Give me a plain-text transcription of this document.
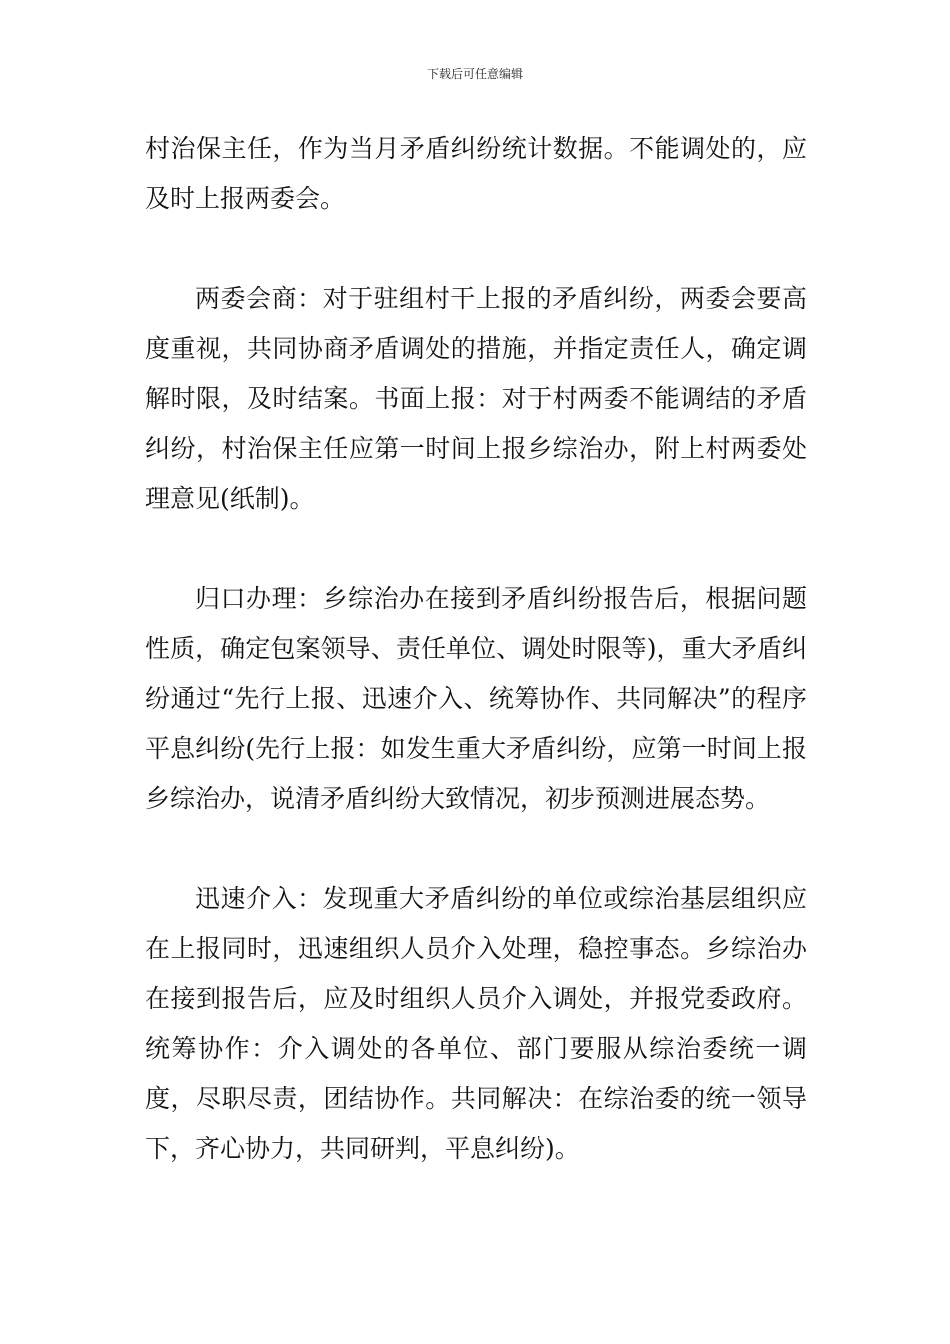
下载后可任意编辑

村治保主任，作为当月矛盾纠纷统计数据。不能调处的，应及时上报两委会。

两委会商：对于驻组村干上报的矛盾纠纷，两委会要高度重视，共同协商矛盾调处的措施，并指定责任人，确定调解时限，及时结案。书面上报：对于村两委不能调结的矛盾纠纷，村治保主任应第一时间上报乡综治办，附上村两委处理意见(纸制)。

归口办理：乡综治办在接到矛盾纠纷报告后，根据问题性质，确定包案领导、责任单位、调处时限等)，重大矛盾纠纷通过“先行上报、迅速介入、统筹协作、共同解决”的程序平息纠纷(先行上报：如发生重大矛盾纠纷，应第一时间上报乡综治办，说清矛盾纠纷大致情况，初步预测进展态势。

迅速介入：发现重大矛盾纠纷的单位或综治基层组织应在上报同时，迅速组织人员介入处理，稳控事态。乡综治办在接到报告后，应及时组织人员介入调处，并报党委政府。统筹协作：介入调处的各单位、部门要服从综治委统一调度，尽职尽责，团结协作。共同解决：在综治委的统一领导下，齐心协力，共同研判，平息纠纷)。
